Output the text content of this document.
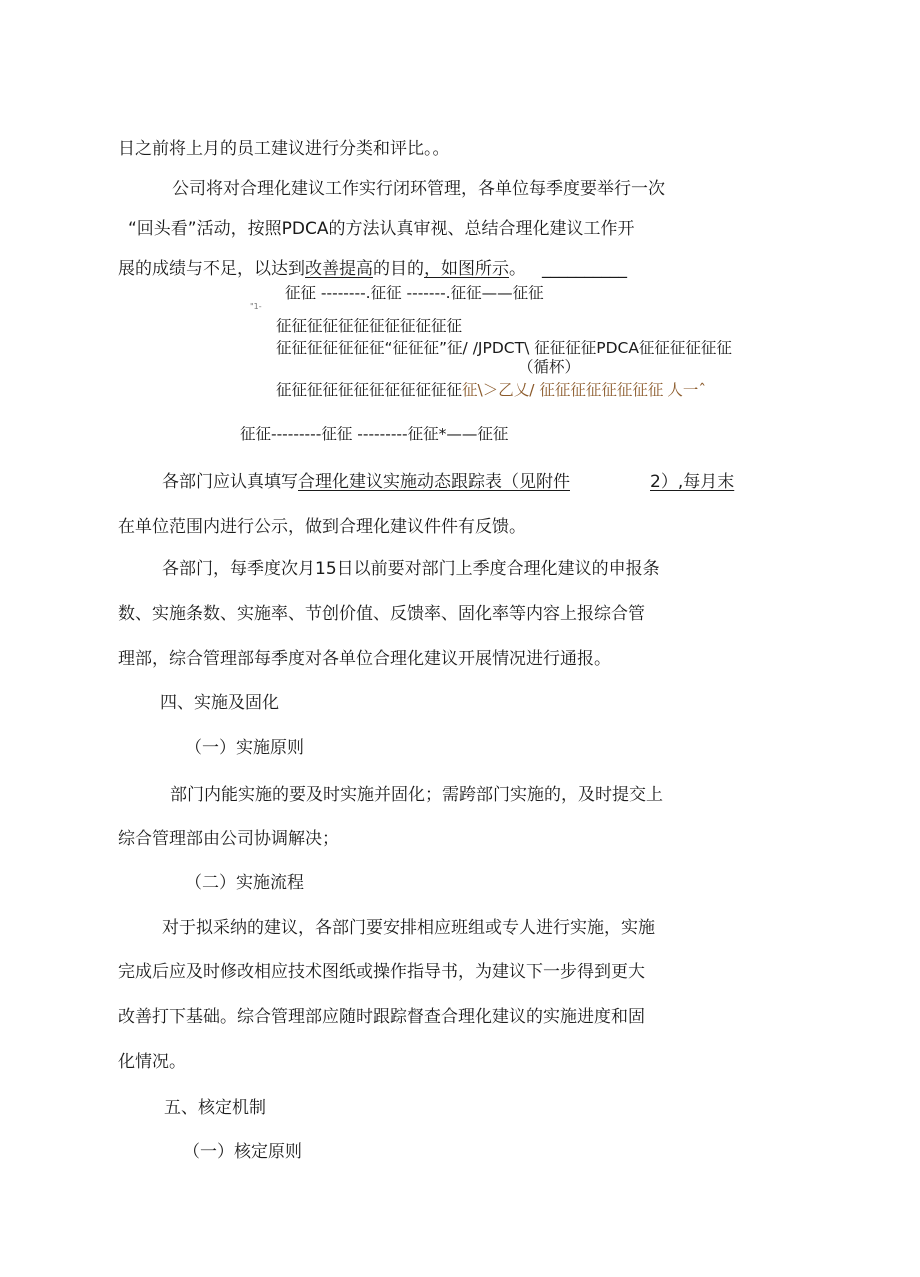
日之前将上月的员工建议进行分类和评比。。
公司将对合理化建议工作实行闭环管理，各单位每季度要举行一次
“回头看”活动，按照PDCA的方法认真审视、总结合理化建议工作开
展的成绩与不足，以达到改善提高的目的，如图所示。 __________
征征 --------.征征 -------.征征——征征
"1-
征征征征征征征征征征征征
征征征征征征征“征征征”征/ /JPDCT\ 征征征征PDCA征征征征征征
（循杯）
征征征征征征征征征征征征征\＞乙乂/ 征征征征征征征征 人一ˆ
征征---------征征 ---------征征*——征征
各部门应认真填写合理化建议实施动态跟踪表（见附件	2）,每月末
在单位范围内进行公示，做到合理化建议件件有反馈。
各部门，每季度次月15日以前要对部门上季度合理化建议的申报条
数、实施条数、实施率、节创价值、反馈率、固化率等内容上报综合管
理部，综合管理部每季度对各单位合理化建议开展情况进行通报。
四、实施及固化
（一）实施原则
部门内能实施的要及时实施并固化；需跨部门实施的，及时提交上
综合管理部由公司协调解决；
（二）实施流程
对于拟采纳的建议，各部门要安排相应班组或专人进行实施，实施
完成后应及时修改相应技术图纸或操作指导书，为建议下一步得到更大
改善打下基础。综合管理部应随时跟踪督查合理化建议的实施进度和固
化情况。
五、核定机制
（一）核定原则
